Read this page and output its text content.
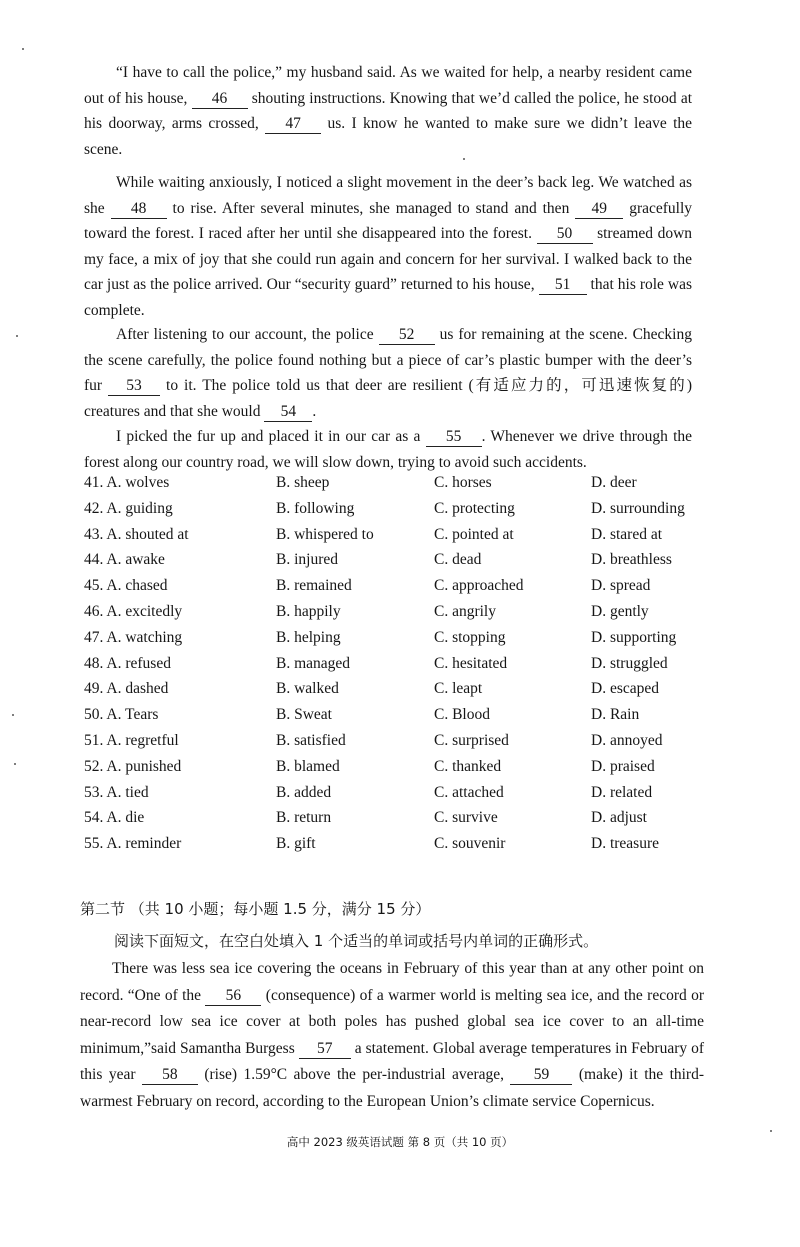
“I have to call the police,” my husband said. As we waited for help, a nearby resident came out of his house, 46 shouting instructions. Knowing that we’d called the police, he stood at his doorway, arms crossed, 47 us. I know he wanted to make sure we didn’t leave the scene.
While waiting anxiously, I noticed a slight movement in the deer’s back leg. We watched as she 48 to rise. After several minutes, she managed to stand and then 49 gracefully toward the forest. I raced after her until she disappeared into the forest. 50 streamed down my face, a mix of joy that she could run again and concern for her survival. I walked back to the car just as the police arrived. Our “security guard” returned to his house, 51 that his role was complete.
After listening to our account, the police 52 us for remaining at the scene. Checking the scene carefully, the police found nothing but a piece of car’s plastic bumper with the deer’s fur 53 to it. The police told us that deer are resilient (有适应力的，可迅速恢复的) creatures and that she would 54 .
I picked the fur up and placed it in our car as a 55 . Whenever we drive through the forest along our country road, we will slow down, trying to avoid such accidents.
41. A. wolves	B. sheep	C. horses	D. deer
42. A. guiding	B. following	C. protecting	D. surrounding
43. A. shouted at	B. whispered to	C. pointed at	D. stared at
44. A. awake	B. injured	C. dead	D. breathless
45. A. chased	B. remained	C. approached	D. spread
46. A. excitedly	B. happily	C. angrily	D. gently
47. A. watching	B. helping	C. stopping	D. supporting
48. A. refused	B. managed	C. hesitated	D. struggled
49. A. dashed	B. walked	C. leapt	D. escaped
50. A. Tears	B. Sweat	C. Blood	D. Rain
51. A. regretful	B. satisfied	C. surprised	D. annoyed
52. A. punished	B. blamed	C. thanked	D. praised
53. A. tied	B. added	C. attached	D. related
54. A. die	B. return	C. survive	D. adjust
55. A. reminder	B. gift	C. souvenir	D. treasure
第二节 （共 10 小题；每小题 1.5 分，满分 15 分）
阅读下面短文，在空白处填入 1 个适当的单词或括号内单词的正确形式。
There was less sea ice covering the oceans in February of this year than at any other point on record. “One of the 56 (consequence) of a warmer world is melting sea ice, and the record or near-record low sea ice cover at both poles has pushed global sea ice cover to an all-time minimum,”said Samantha Burgess 57 a statement. Global average temperatures in February of this year 58 (rise) 1.59°C above the per-industrial average, 59 (make) it the third-warmest February on record, according to the European Union’s climate service Copernicus.
高中 2023 级英语试题 第 8 页（共 10 页）
